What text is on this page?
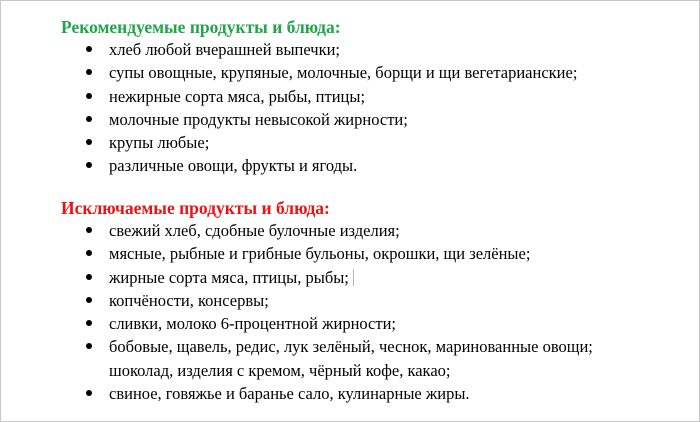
Рекомендуемые продукты и блюда:
хлеб любой вчерашней выпечки;
супы овощные, крупяные, молочные, борщи и щи вегетарианские;
нежирные сорта мяса, рыбы, птицы;
молочные продукты невысокой жирности;
крупы любые;
различные овощи, фрукты и ягоды.
Исключаемые продукты и блюда:
свежий хлеб, сдобные булочные изделия;
мясные, рыбные и грибные бульоны, окрошки, щи зелёные;
жирные сорта мяса, птицы, рыбы;
копчёности, консервы;
сливки, молоко 6-процентной жирности;
бобовые, щавель, редис, лук зелёный, чеснок, маринованные овощи;
шоколад, изделия с кремом, чёрный кофе, какао;
свиное, говяжье и баранье сало, кулинарные жиры.
